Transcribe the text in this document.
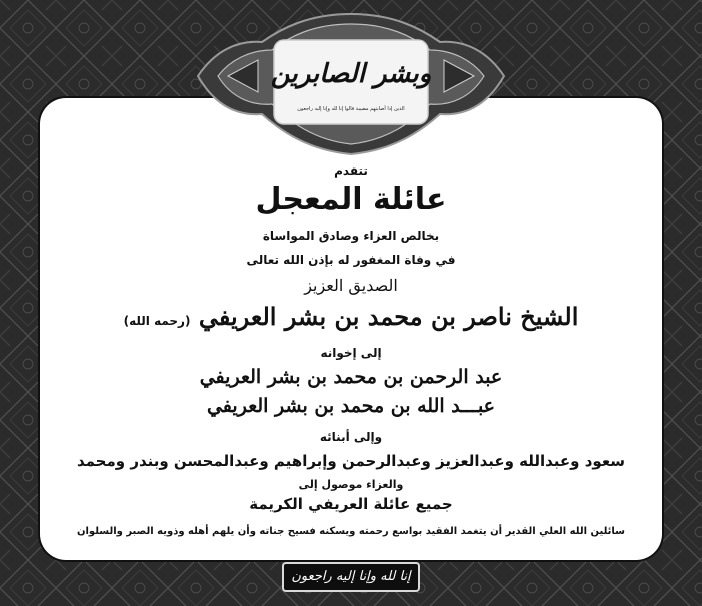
وبشر الصابرين
الذين إذا أصابتهم مصيبة قالوا إنا لله وإنا إليه راجعون
تتقدم
عائلة المعجل
بخالص العزاء وصادق المواساة
في وفاة المغفور له بإذن الله تعالى
الصديق العزيز
الشيخ ناصر بن محمد بن بشر العريفي (رحمه الله)
إلى إخوانه
عبد الرحمن بن محمد بن بشر العريفي
عبـــد الله بن محمد بن بشر العريفي
وإلى أبنائه
سعود وعبدالله وعبدالعزيز وعبدالرحمن وإبراهيم وعبدالمحسن وبندر ومحمد
والعزاء موصول إلى
جميع عائلة العريفي الكريمة
سائلين الله العلي القدير أن يتغمد الفقيد بواسع رحمته ويسكنه فسيح جناته وأن يلهم أهله وذويه الصبر والسلوان
إنا لله وإنا إليه راجعون
